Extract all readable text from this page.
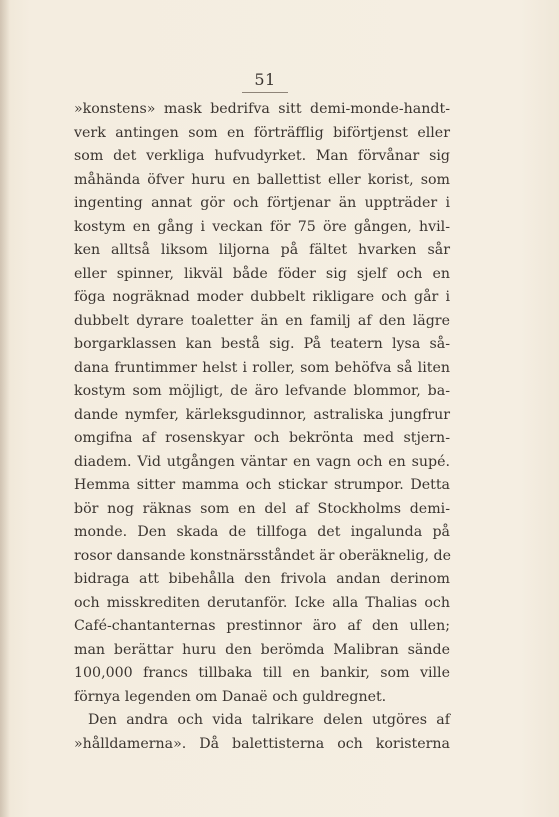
51
»konstens» mask bedrifva sitt demi-monde-handt-
verk antingen som en förträfflig biförtjenst eller
som det verkliga hufvudyrket. Man förvånar sig
måhända öfver huru en ballettist eller korist, som
ingenting annat gör och förtjenar än uppträder i
kostym en gång i veckan för 75 öre gången, hvil-
ken alltså liksom liljorna på fältet hvarken sår
eller spinner, likväl både föder sig sjelf och en
föga nogräknad moder dubbelt rikligare och går i
dubbelt dyrare toaletter än en familj af den lägre
borgarklassen kan bestå sig. På teatern lysa så-
dana fruntimmer helst i roller, som behöfva så liten
kostym som möjligt, de äro lefvande blommor, ba-
dande nymfer, kärleksgudinnor, astraliska jungfrur
omgifna af rosenskyar och bekrönta med stjern-
diadem. Vid utgången väntar en vagn och en supé.
Hemma sitter mamma och stickar strumpor. Detta
bör nog räknas som en del af Stockholms demi-
monde. Den skada de tillfoga det ingalunda på
rosor dansande konstnärsståndet är oberäknelig, de
bidraga att bibehålla den frivola andan derinom
och misskrediten derutanför. Icke alla Thalias och
Café-chantanternas prestinnor äro af den ullen;
man berättar huru den berömda Malibran sände
100,000 francs tillbaka till en bankir, som ville
förnya legenden om Danaë och guldregnet.
Den andra och vida talrikare delen utgöres af
»hålldamerna». Då balettisterna och koristerna
